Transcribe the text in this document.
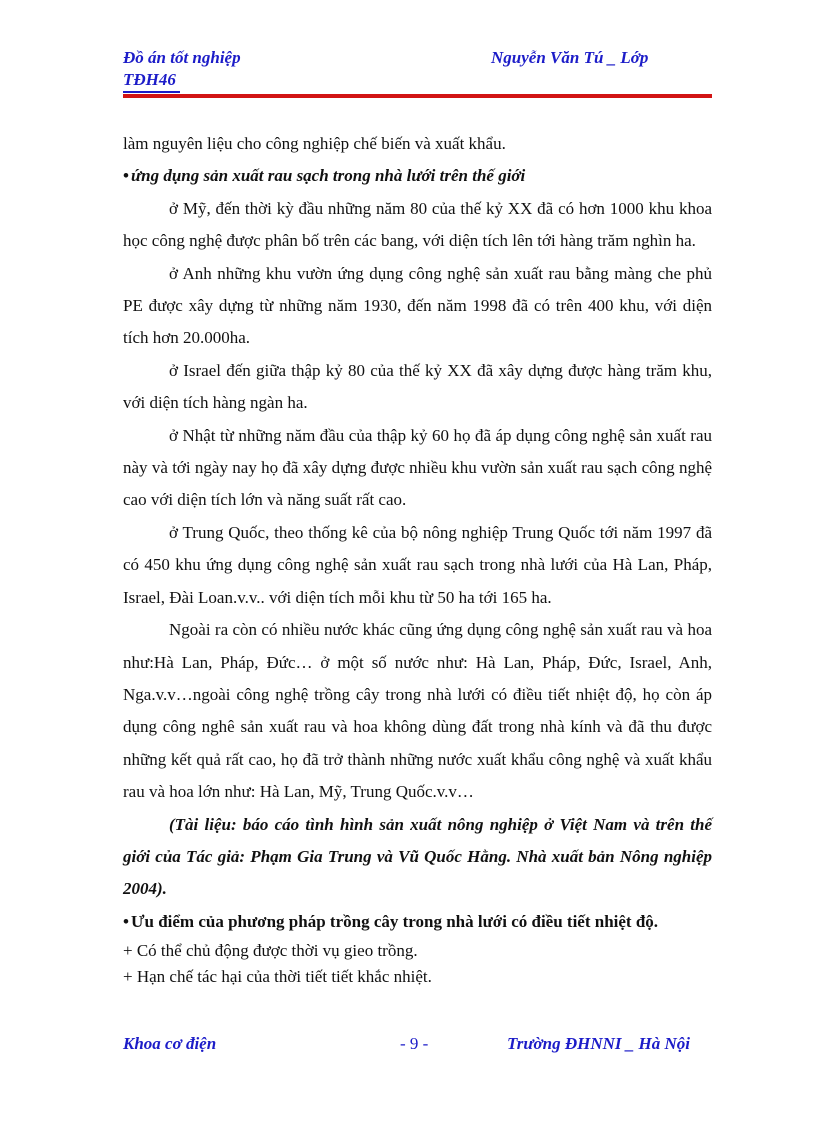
Đồ án tốt nghiệp
TĐH46
Nguyễn Văn Tú _ Lớp

làm nguyên liệu cho công nghiệp chế biến và xuất khẩu.

• ứng dụng sản xuất rau sạch trong nhà lưới trên thế giới

ở Mỹ, đến thời kỳ đầu những năm 80 của thế kỷ XX đã có hơn 1000 khu khoa học công nghệ được phân bố trên các bang, với diện tích lên tới hàng trăm nghìn ha.

ở Anh những khu vườn ứng dụng công nghệ sản xuất rau bằng màng che phủ PE được xây dựng từ những năm 1930, đến năm 1998 đã có trên 400 khu, với diện tích hơn 20.000ha.

ở Israel đến giữa thập kỷ 80 của thế kỷ XX đã xây dựng được hàng trăm khu, với diện tích hàng ngàn ha.

ở Nhật từ những năm đầu của thập kỷ 60 họ đã áp dụng công nghệ sản xuất rau này và tới ngày nay họ đã xây dựng được nhiều khu vườn sản xuất rau sạch công nghệ cao với diện tích lớn và năng suất rất cao.

ở Trung Quốc, theo thống kê của bộ nông nghiệp Trung Quốc tới năm 1997 đã có 450 khu ứng dụng công nghệ sản xuất rau sạch trong nhà lưới của Hà Lan, Pháp, Israel, Đài Loan.v.v.. với diện tích mỗi khu từ 50 ha tới 165 ha.

Ngoài ra còn có nhiều nước khác cũng ứng dụng công nghệ sản xuất rau và hoa như:Hà Lan, Pháp, Đức… ở một số nước như: Hà Lan, Pháp, Đức, Israel, Anh, Nga.v.v…ngoài công nghệ trồng cây trong nhà lưới có điều tiết nhiệt độ, họ còn áp dụng công nghê sản xuất rau và hoa không dùng đất trong nhà kính và đã thu được những kết quả rất cao, họ đã trở thành những nước xuất khẩu công nghệ và xuất khẩu rau và hoa lớn như: Hà Lan, Mỹ, Trung Quốc.v.v…

(Tài liệu: báo cáo tình hình sản xuất nông nghiệp ở Việt Nam và trên thế giới của Tác giả: Phạm Gia Trung và Vũ Quốc Hằng. Nhà xuất bản Nông nghiệp 2004).

• Ưu điểm của phương pháp trồng cây trong nhà lưới có điều tiết nhiệt độ.

+ Có thể chủ động được thời vụ gieo trồng.

+ Hạn chế tác hại của thời tiết tiết khắc nhiệt.

Khoa cơ điện	- 9 -	Trường ĐHNNI _ Hà Nội
